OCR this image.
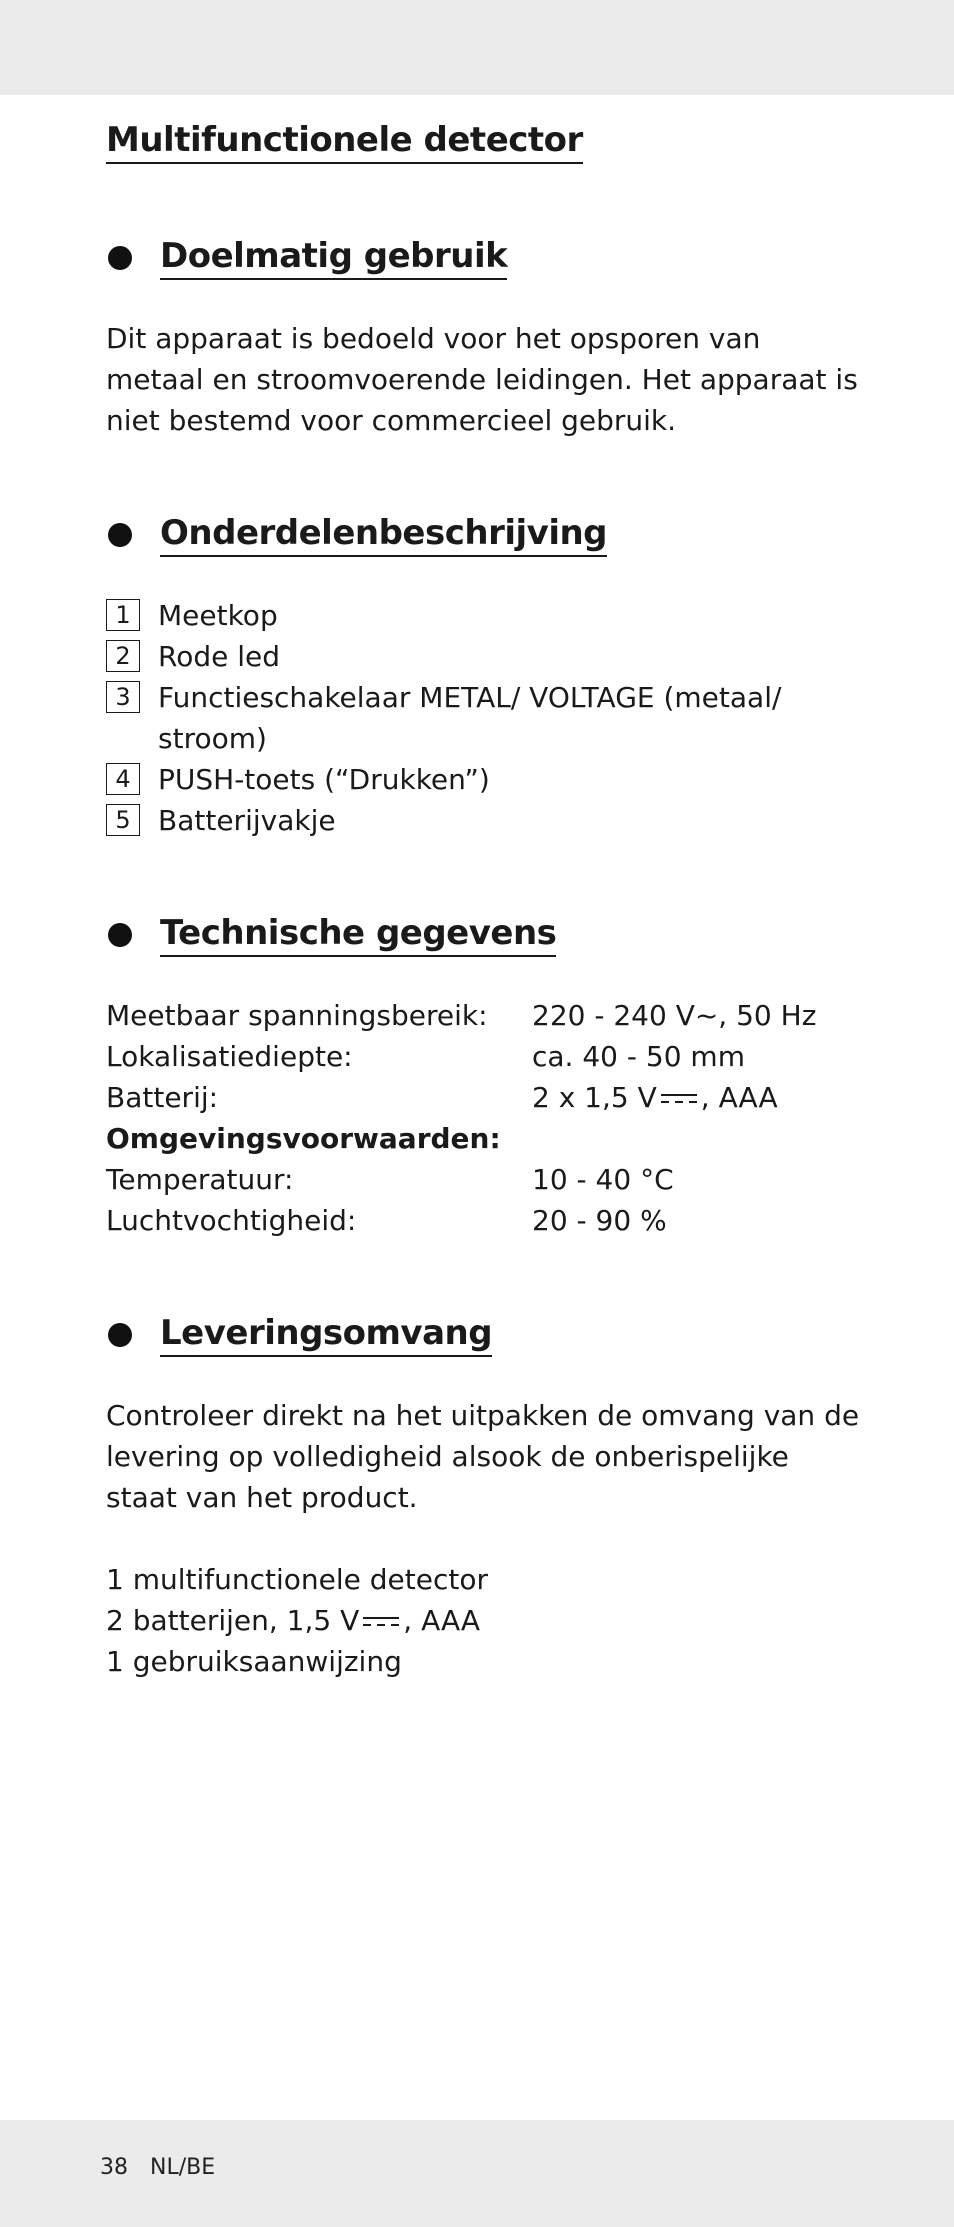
Multifunctionele detector
Doelmatig gebruik

Dit apparaat is bedoeld voor het opsporen van metaal en stroomvoerende leidingen. Het apparaat is niet bestemd voor commercieel gebruik.

Onderdelenbeschrijving
1 Meetkop
2 Rode led
3 Functieschakelaar METAL/ VOLTAGE (metaal/ stroom)
4 PUSH-toets (“Drukken”)
5 Batterijvakje
Technische gegevens
Meetbaar spanningsbereik:	220 - 240 V~, 50 Hz
Lokalisatiediepte:	ca. 40 - 50 mm
Batterij:	2 x 1,5 V , AAA
Omgevingsvoorwaarden:
Temperatuur:	10 - 40 °C
Luchtvochtigheid:	20 - 90 %
Leveringsomvang

Controleer direkt na het uitpakken de omvang van de levering op volledigheid alsook de onberispelijke staat van het product.

1 multifunctionele detector
2 batterijen, 1,5 V , AAA
1 gebruiksaanwijzing
38 NL/BE
